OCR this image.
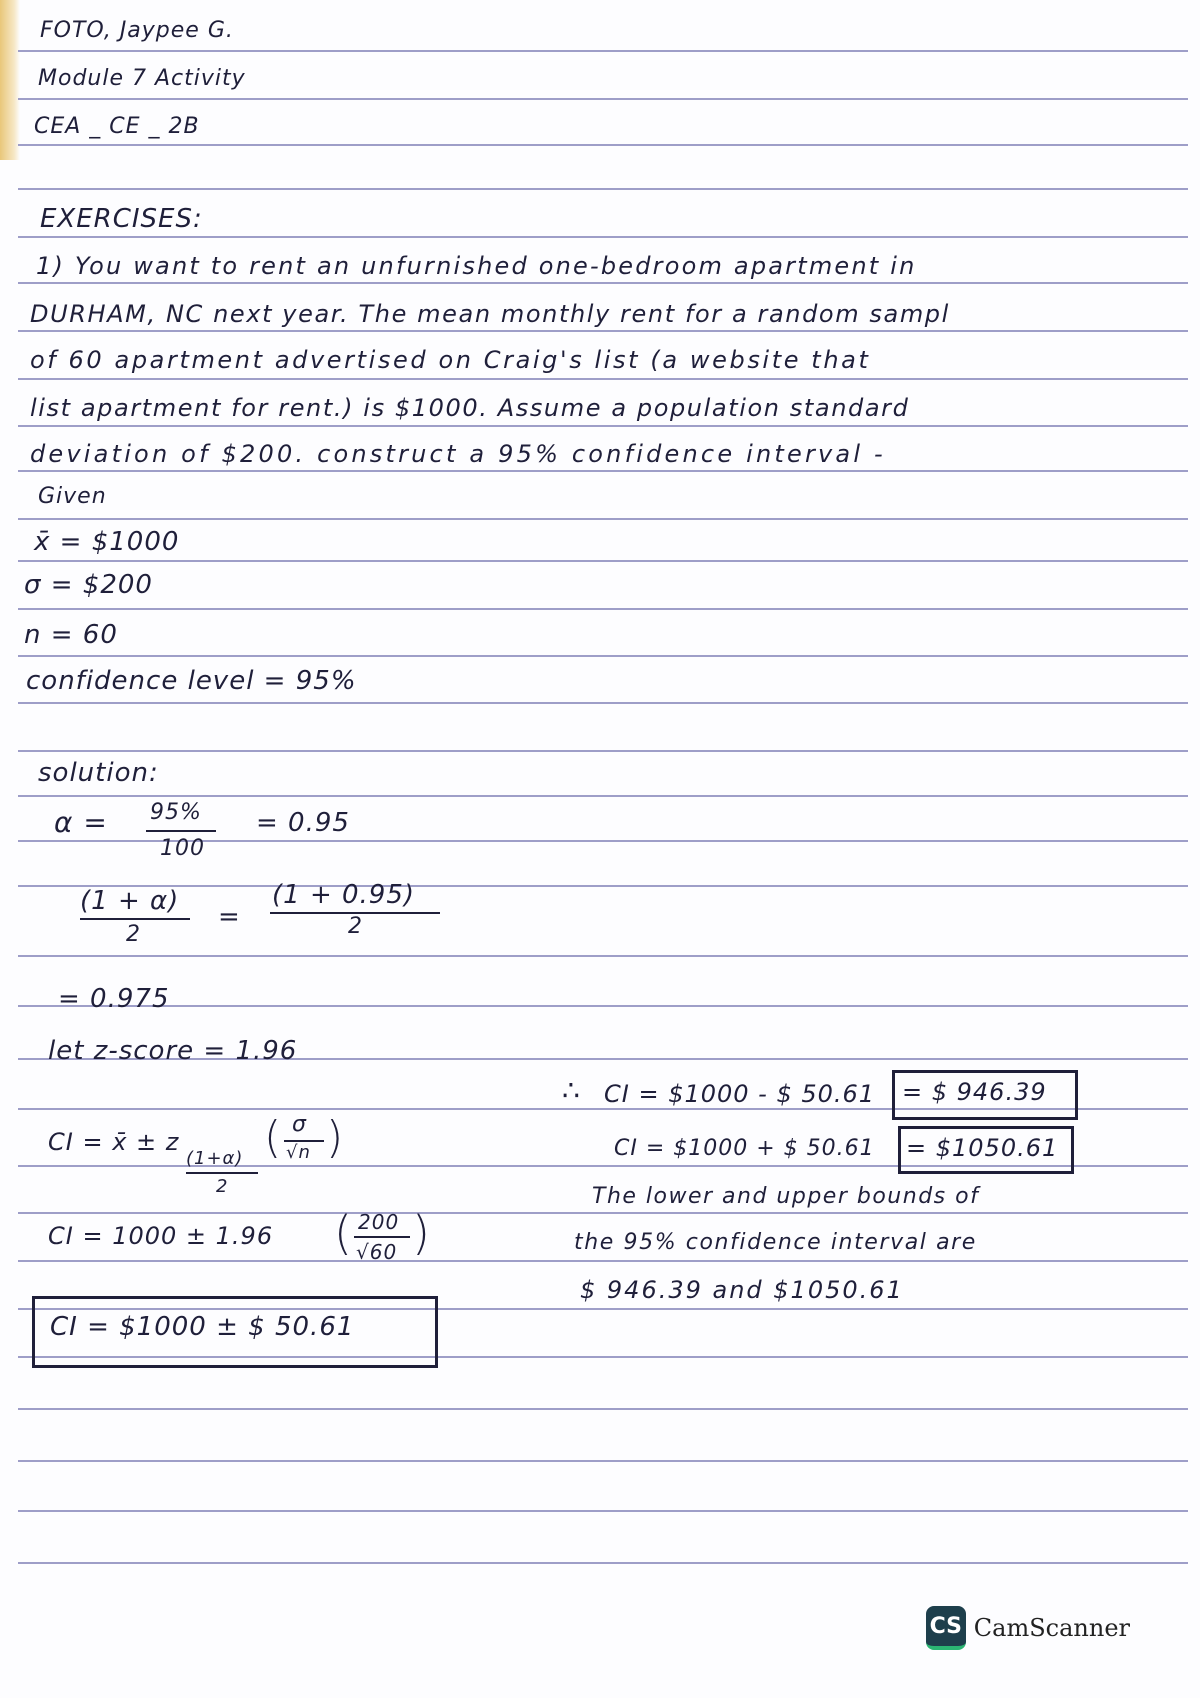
FOTO, Jaypee G.
Module 7 Activity
CEA _ CE _ 2B
EXERCISES:
1) You want to rent an unfurnished one-bedroom apartment in
DURHAM, NC next year. The mean monthly rent for a random sampl
of 60 apartment advertised on Craig's list (a website that
list apartment for rent.) is $1000. Assume a population standard
deviation of $200. construct a 95% confidence interval -
Given
x̄ = $1000
σ = $200
n = 60
confidence level = 95%
solution:
α = 95%
100
= 0.95
(1 + α)
2
=
(1 + 0.95)
2
= 0.975
let z-score = 1.96
CI = x̄ ± z
(1+α)
2
( σ
√n )
CI = 1000 ± 1.96 ( 200
√60 )
CI = $1000 ± $ 50.61
∴ CI = $1000 - $ 50.61 = $ 946.39
CI = $1000 + $ 50.61 = $1050.61
The lower and upper bounds of
the 95% confidence interval are
$ 946.39 and $1050.61
CS CamScanner
